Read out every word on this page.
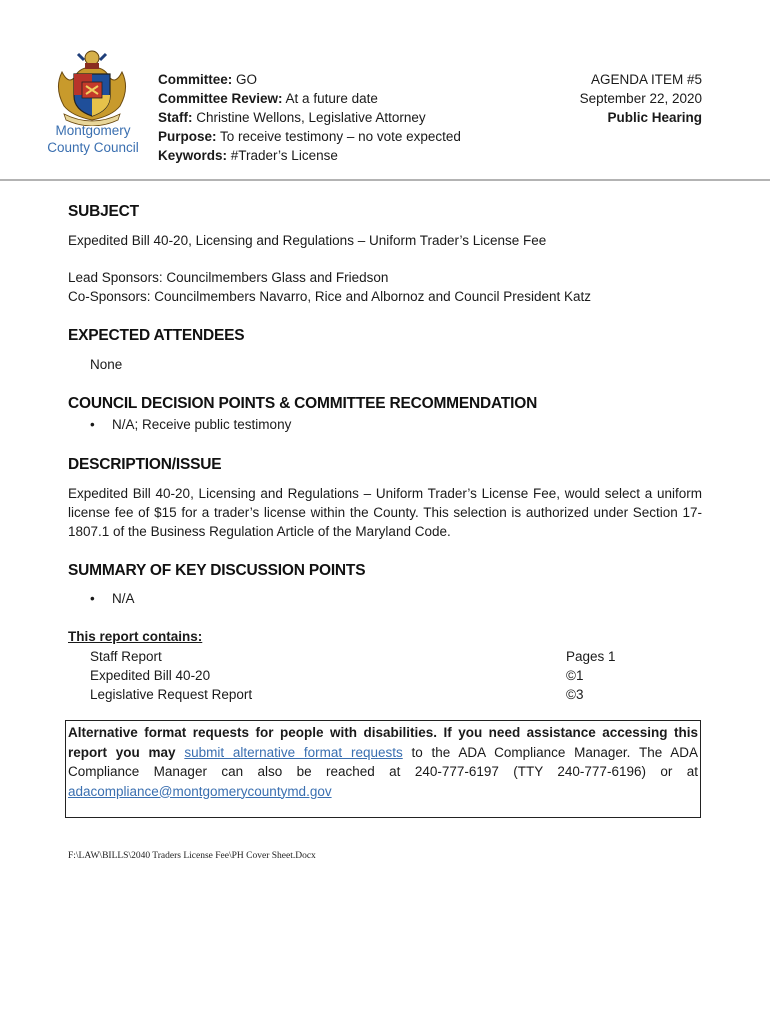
Montgomery
County Council
Committee: GO
Committee Review: At a future date
Staff: Christine Wellons, Legislative Attorney
Purpose: To receive testimony – no vote expected
Keywords: #Trader’s License
AGENDA ITEM #5
September 22, 2020
Public Hearing
SUBJECT
Expedited Bill 40-20, Licensing and Regulations – Uniform Trader’s License Fee
Lead Sponsors: Councilmembers Glass and Friedson
Co-Sponsors: Councilmembers Navarro, Rice and Albornoz and Council President Katz
EXPECTED ATTENDEES
None
COUNCIL DECISION POINTS & COMMITTEE RECOMMENDATION
• N/A; Receive public testimony
DESCRIPTION/ISSUE
Expedited Bill 40-20, Licensing and Regulations – Uniform Trader’s License Fee, would select a uniform license fee of $15 for a trader’s license within the County. This selection is authorized under Section 17-1807.1 of the Business Regulation Article of the Maryland Code.
SUMMARY OF KEY DISCUSSION POINTS
• N/A
This report contains:
Staff Report
Expedited Bill 40-20
Legislative Request Report
Pages 1
©1
©3
Alternative format requests for people with disabilities. If you need assistance accessing this report you may submit alternative format requests to the ADA Compliance Manager. The ADA Compliance Manager can also be reached at 240-777-6197 (TTY 240-777-6196) or at adacompliance@montgomerycountymd.gov
F:\LAW\BILLS\2040 Traders License Fee\PH Cover Sheet.Docx
